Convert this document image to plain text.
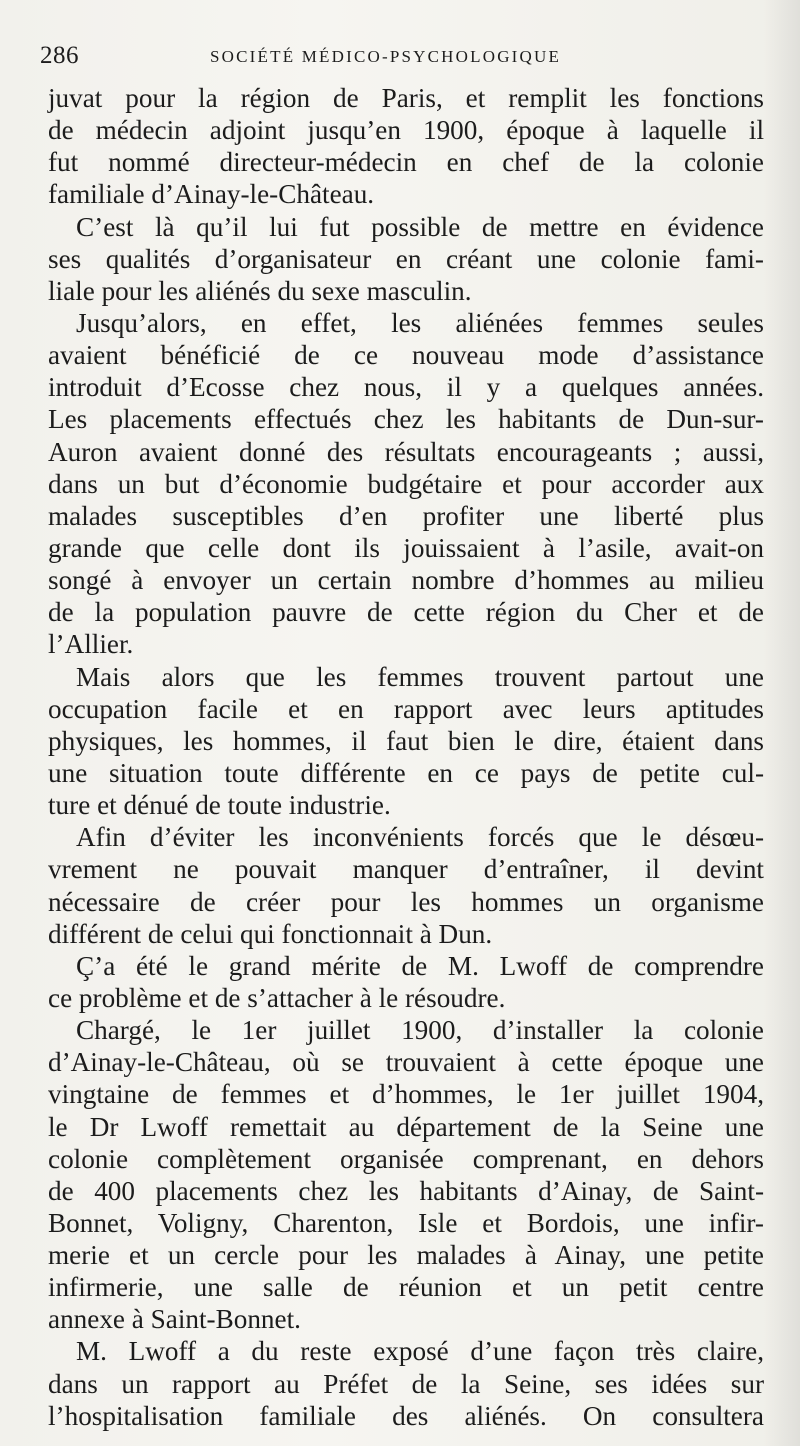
286	SOCIÉTÉ MÉDICO-PSYCHOLOGIQUE
juvat pour la région de Paris, et remplit les fonctions
de médecin adjoint jusqu’en 1900, époque à laquelle il
fut nommé directeur-médecin en chef de la colonie
familiale d’Ainay-le-Château.
C’est là qu’il lui fut possible de mettre en évidence
ses qualités d’organisateur en créant une colonie fami-
liale pour les aliénés du sexe masculin.
Jusqu’alors, en effet, les aliénées femmes seules
avaient bénéficié de ce nouveau mode d’assistance
introduit d’Ecosse chez nous, il y a quelques années.
Les placements effectués chez les habitants de Dun-sur-
Auron avaient donné des résultats encourageants ; aussi,
dans un but d’économie budgétaire et pour accorder aux
malades susceptibles d’en profiter une liberté plus
grande que celle dont ils jouissaient à l’asile, avait-on
songé à envoyer un certain nombre d’hommes au milieu
de la population pauvre de cette région du Cher et de
l’Allier.
Mais alors que les femmes trouvent partout une
occupation facile et en rapport avec leurs aptitudes
physiques, les hommes, il faut bien le dire, étaient dans
une situation toute différente en ce pays de petite cul-
ture et dénué de toute industrie.
Afin d’éviter les inconvénients forcés que le désœu-
vrement ne pouvait manquer d’entraîner, il devint
nécessaire de créer pour les hommes un organisme
différent de celui qui fonctionnait à Dun.
Ç’a été le grand mérite de M. Lwoff de comprendre
ce problème et de s’attacher à le résoudre.
Chargé, le 1er juillet 1900, d’installer la colonie
d’Ainay-le-Château, où se trouvaient à cette époque une
vingtaine de femmes et d’hommes, le 1er juillet 1904,
le Dr Lwoff remettait au département de la Seine une
colonie complètement organisée comprenant, en dehors
de 400 placements chez les habitants d’Ainay, de Saint-
Bonnet, Voligny, Charenton, Isle et Bordois, une infir-
merie et un cercle pour les malades à Ainay, une petite
infirmerie, une salle de réunion et un petit centre
annexe à Saint-Bonnet.
M. Lwoff a du reste exposé d’une façon très claire,
dans un rapport au Préfet de la Seine, ses idées sur
l’hospitalisation familiale des aliénés. On consultera
